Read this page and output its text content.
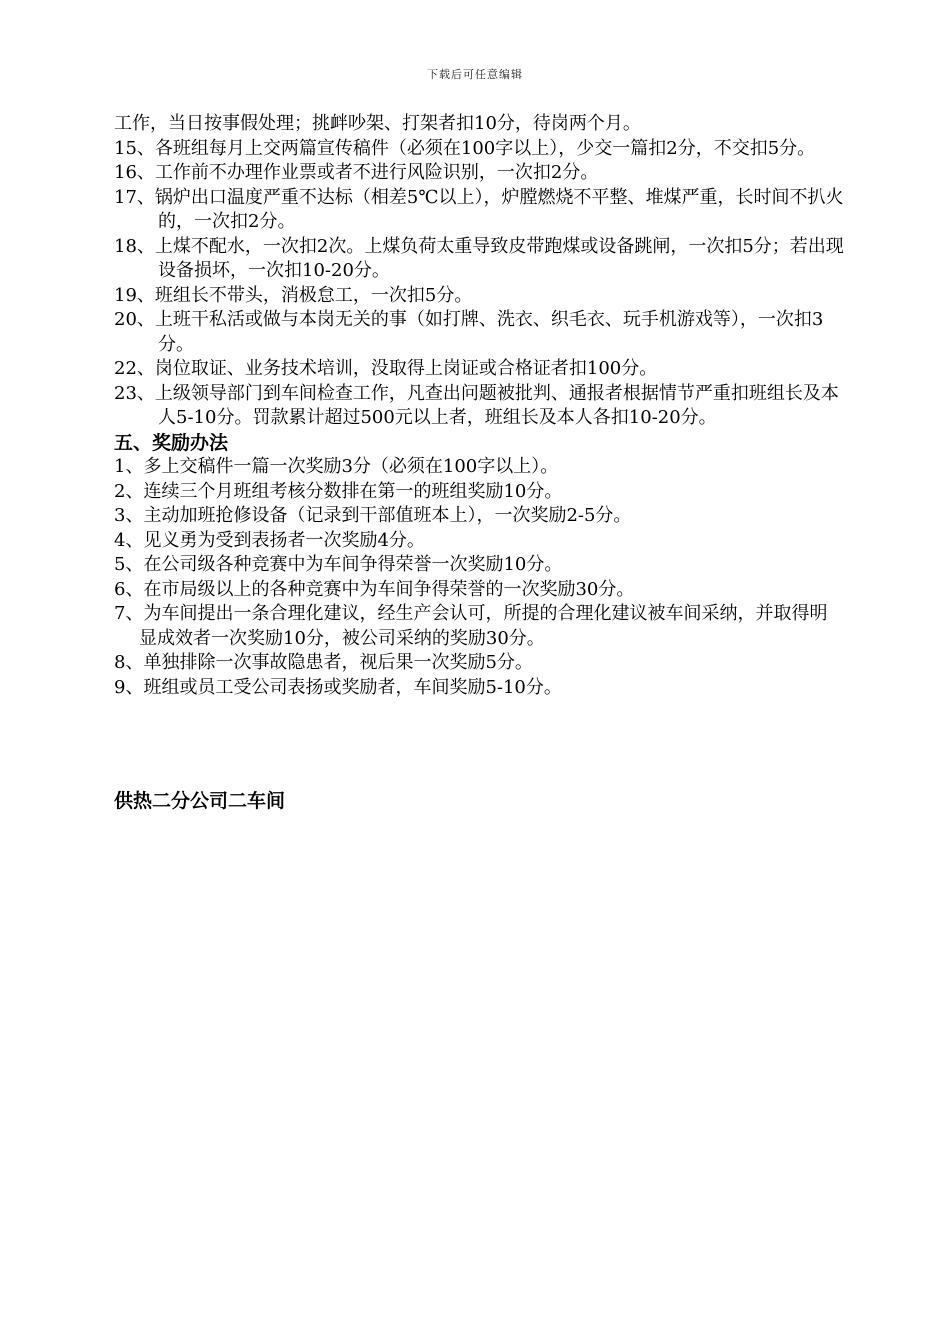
下载后可任意编辑

工作，当日按事假处理；挑衅吵架、打架者扣10分，待岗两个月。

15、各班组每月上交两篇宣传稿件（必须在100字以上），少交一篇扣2分，不交扣5分。

16、工作前不办理作业票或者不进行风险识别，一次扣2分。

17、锅炉出口温度严重不达标（相差5℃以上），炉膛燃烧不平整、堆煤严重，长时间不扒火的，一次扣2分。

18、上煤不配水，一次扣2次。上煤负荷太重导致皮带跑煤或设备跳闸，一次扣5分；若出现设备损坏，一次扣10-20分。

19、班组长不带头，消极怠工，一次扣5分。

20、上班干私活或做与本岗无关的事（如打牌、洗衣、织毛衣、玩手机游戏等），一次扣3分。

22、岗位取证、业务技术培训，没取得上岗证或合格证者扣100分。

23、上级领导部门到车间检查工作，凡查出问题被批判、通报者根据情节严重扣班组长及本人5-10分。罚款累计超过500元以上者，班组长及本人各扣10-20分。

五、奖励办法

1、多上交稿件一篇一次奖励3分（必须在100字以上）。

2、连续三个月班组考核分数排在第一的班组奖励10分。

3、主动加班抢修设备（记录到干部值班本上），一次奖励2-5分。

4、见义勇为受到表扬者一次奖励4分。

5、在公司级各种竞赛中为车间争得荣誉一次奖励10分。

6、在市局级以上的各种竞赛中为车间争得荣誉的一次奖励30分。

7、为车间提出一条合理化建议，经生产会认可，所提的合理化建议被车间采纳，并取得明显成效者一次奖励10分，被公司采纳的奖励30分。

8、单独排除一次事故隐患者，视后果一次奖励5分。

9、班组或员工受公司表扬或奖励者，车间奖励5-10分。

供热二分公司二车间
